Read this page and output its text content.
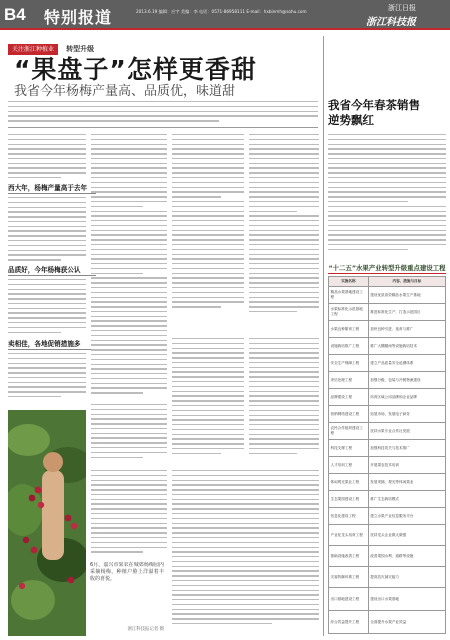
B4 特别报道	2013.6.19 编辑：应宇 美编：李 电话：0571-86958111 E-mail：hxbinmh@sohu.com	浙江日报
浙江科技报
关注浙江种植业 转型升级
“果盘子”怎样更香甜
我省今年杨梅产量高、品质优，味道甜
西大年，杨梅产量高于去年
品质好，今年杨梅获公认
卖相佳，各地促销措施多
6月，嘉兴市果农在城郊杨梅园内采摘杨梅，种植户脸上洋溢着丰收的喜悦。
浙江科技报记者 摄
我省今年春茶销售
逆势飘红
“十二五”水果产业转型升级重点建设工程
实施名称	内容、措施与目标
精品水果基地建设工程	建设优质高效精品水果生产基地
水果标准化示范基地工程	推进标准化生产，打造示范园区
水果良种繁育工程	加快良种引进、选育与推广
设施栽培推广工程	推广大棚避雨等设施栽培技术
安全生产保障工程	建立产品质量安全追溯体系
采后处理工程	加强分级、包装与冷链物流建设
品牌建设工程	培育区域公用品牌和企业品牌
营销网络建设工程	拓展市场，发展电子商务
农民合作组织建设工程	扶持水果专业合作社发展
科技支撑工程	加强科技攻关与技术推广
人才培训工程	开展果农技术培训
休闲观光果业工程	发展采摘、观光等休闲果业
生态果园建设工程	推广生态栽培模式
信息化建设工程	建立水果产业信息服务平台
产业化龙头培育工程	扶持龙头企业做大做强
基础设施改善工程	改善果园水利、道路等设施
灾害防御体系工程	提高抗灾减灾能力
出口基地建设工程	建设出口水果基地
综合效益提升工程	全面提升水果产业效益
